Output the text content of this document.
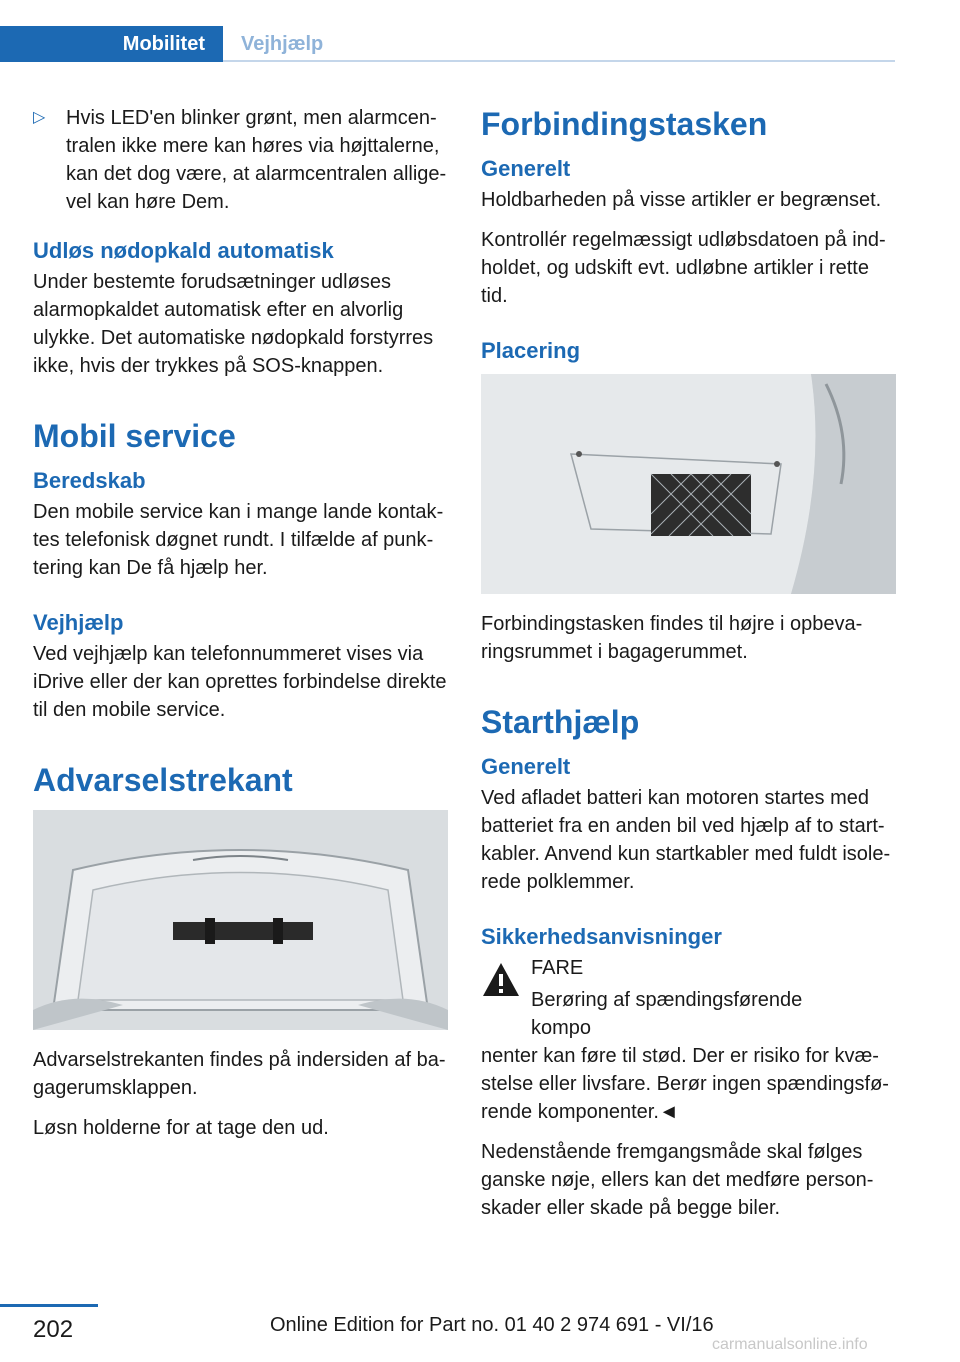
Mobilitet	Vejhjælp
▷	Hvis LED'en blinker grønt, men alarmcentralen ikke mere kan høres via højttalerne, kan det dog være, at alarmcentralen alligevel kan høre Dem.
Udløs nødopkald automatisk

Under bestemte forudsætninger udløses alarmopkaldet automatisk efter en alvorlig ulykke. Det automatiske nødopkald forstyrres ikke, hvis der trykkes på SOS-knappen.

Mobil service
Beredskab

Den mobile service kan i mange lande kontaktes telefonisk døgnet rundt. I tilfælde af punktering kan De få hjælp her.

Vejhjælp

Ved vejhjælp kan telefonnummeret vises via iDrive eller der kan oprettes forbindelse direkte til den mobile service.

Advarselstrekant

Advarselstrekanten findes på indersiden af bagagerumsklappen.

Løsn holderne for at tage den ud.

Forbindingstasken
Generelt

Holdbarheden på visse artikler er begrænset.

Kontrollér regelmæssigt udløbsdatoen på indholdet, og udskift evt. udløbne artikler i rette tid.

Placering

Forbindingstasken findes til højre i opbevaringsrummet i bagagerummet.

Starthjælp
Generelt

Ved afladet batteri kan motoren startes med batteriet fra en anden bil ved hjælp af to startkabler. Anvend kun startkabler med fuldt isolerede polklemmer.

Sikkerhedsanvisninger

FARE

Berøring af spændingsførende kompo

nenter kan føre til stød. Der er risiko for kvæstelse eller livsfare. Berør ingen spændingsførende komponenter.◄

Nedenstående fremgangsmåde skal følges ganske nøje, ellers kan det medføre personskader eller skade på begge biler.

202	Online Edition for Part no. 01 40 2 974 691 - VI/16
carmanualsonline.info
